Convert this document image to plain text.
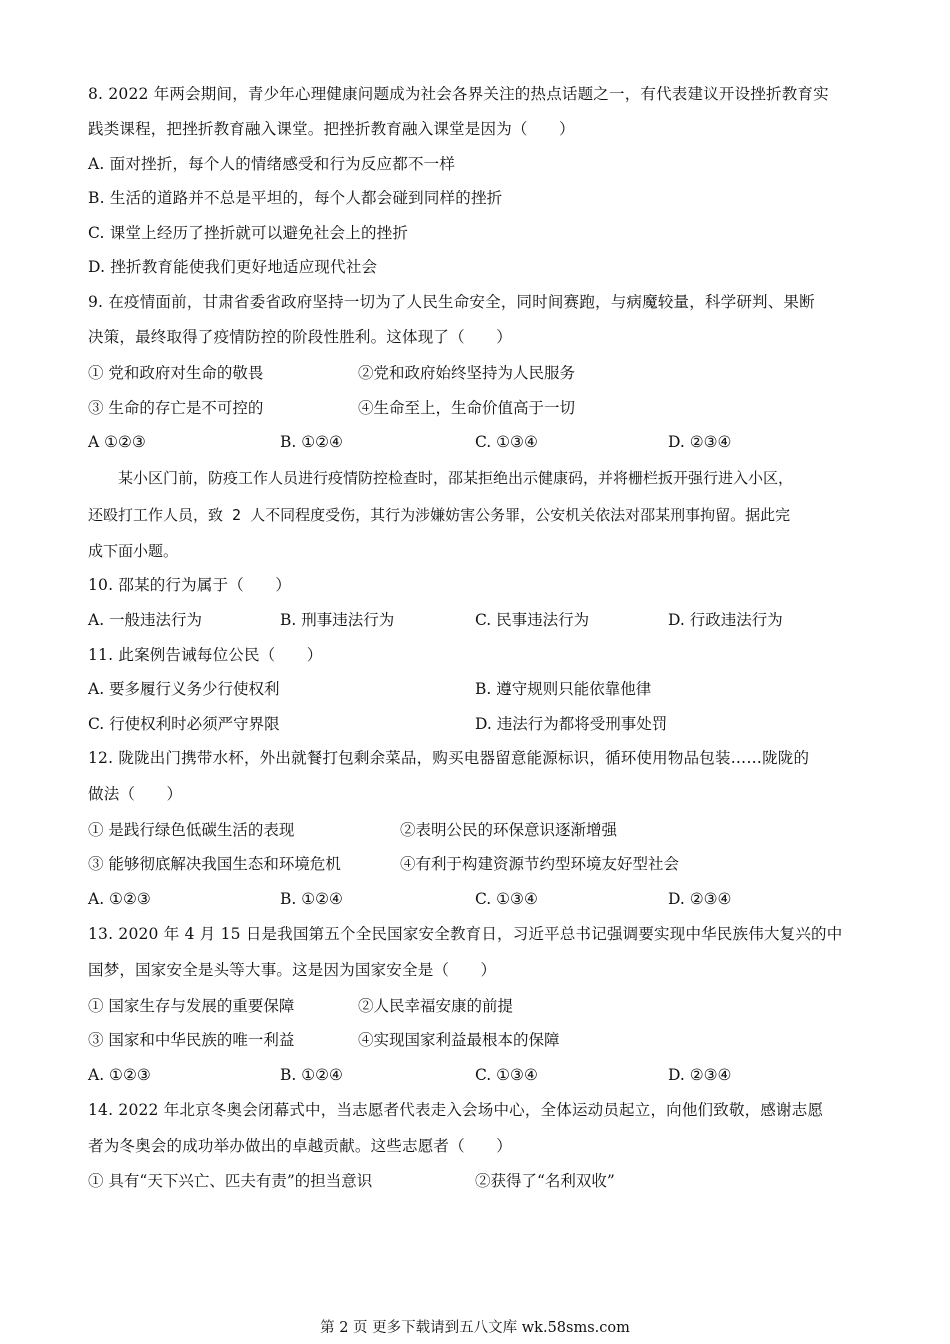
8. 2022 年两会期间，青少年心理健康问题成为社会各界关注的热点话题之一，有代表建议开设挫折教育实
践类课程，把挫折教育融入课堂。把挫折教育融入课堂是因为（　　）
A. 面对挫折，每个人的情绪感受和行为反应都不一样
B. 生活的道路并不总是平坦的，每个人都会碰到同样的挫折
C. 课堂上经历了挫折就可以避免社会上的挫折
D. 挫折教育能使我们更好地适应现代社会
9. 在疫情面前，甘肃省委省政府坚持一切为了人民生命安全，同时间赛跑，与病魔较量，科学研判、果断
决策，最终取得了疫情防控的阶段性胜利。这体现了（　　）
① 党和政府对生命的敬畏	②党和政府始终坚持为人民服务
③ 生命的存亡是不可控的	④生命至上，生命价值高于一切
A ①②③	B. ①②④	C. ①③④	D. ②③④
某小区门前，防疫工作人员进行疫情防控检查时，邵某拒绝出示健康码，并将栅栏扳开强行进入小区，
还殴打工作人员，致 2 人不同程度受伤，其行为涉嫌妨害公务罪，公安机关依法对邵某刑事拘留。据此完
成下面小题。
10. 邵某的行为属于（　　）
A. 一般违法行为	B. 刑事违法行为	C. 民事违法行为	D. 行政违法行为
11. 此案例告诫每位公民（　　）
A. 要多履行义务少行使权利	B. 遵守规则只能依靠他律
C. 行使权利时必须严守界限	D. 违法行为都将受刑事处罚
12. 陇陇出门携带水杯，外出就餐打包剩余菜品，购买电器留意能源标识，循环使用物品包装……陇陇的
做法（　　）
① 是践行绿色低碳生活的表现	②表明公民的环保意识逐渐增强
③ 能够彻底解决我国生态和环境危机	④有利于构建资源节约型环境友好型社会
A. ①②③	B. ①②④	C. ①③④	D. ②③④
13. 2020 年 4 月 15 日是我国第五个全民国家安全教育日，习近平总书记强调要实现中华民族伟大复兴的中
国梦，国家安全是头等大事。这是因为国家安全是（　　）
① 国家生存与发展的重要保障	②人民幸福安康的前提
③ 国家和中华民族的唯一利益	④实现国家利益最根本的保障
A. ①②③	B. ①②④	C. ①③④	D. ②③④
14. 2022 年北京冬奥会闭幕式中，当志愿者代表走入会场中心，全体运动员起立，向他们致敬，感谢志愿
者为冬奥会的成功举办做出的卓越贡献。这些志愿者（　　）
① 具有“天下兴亡、匹夫有责”的担当意识	②获得了“名利双收”
第 2 页 更多下载请到五八文库 wk.58sms.com
